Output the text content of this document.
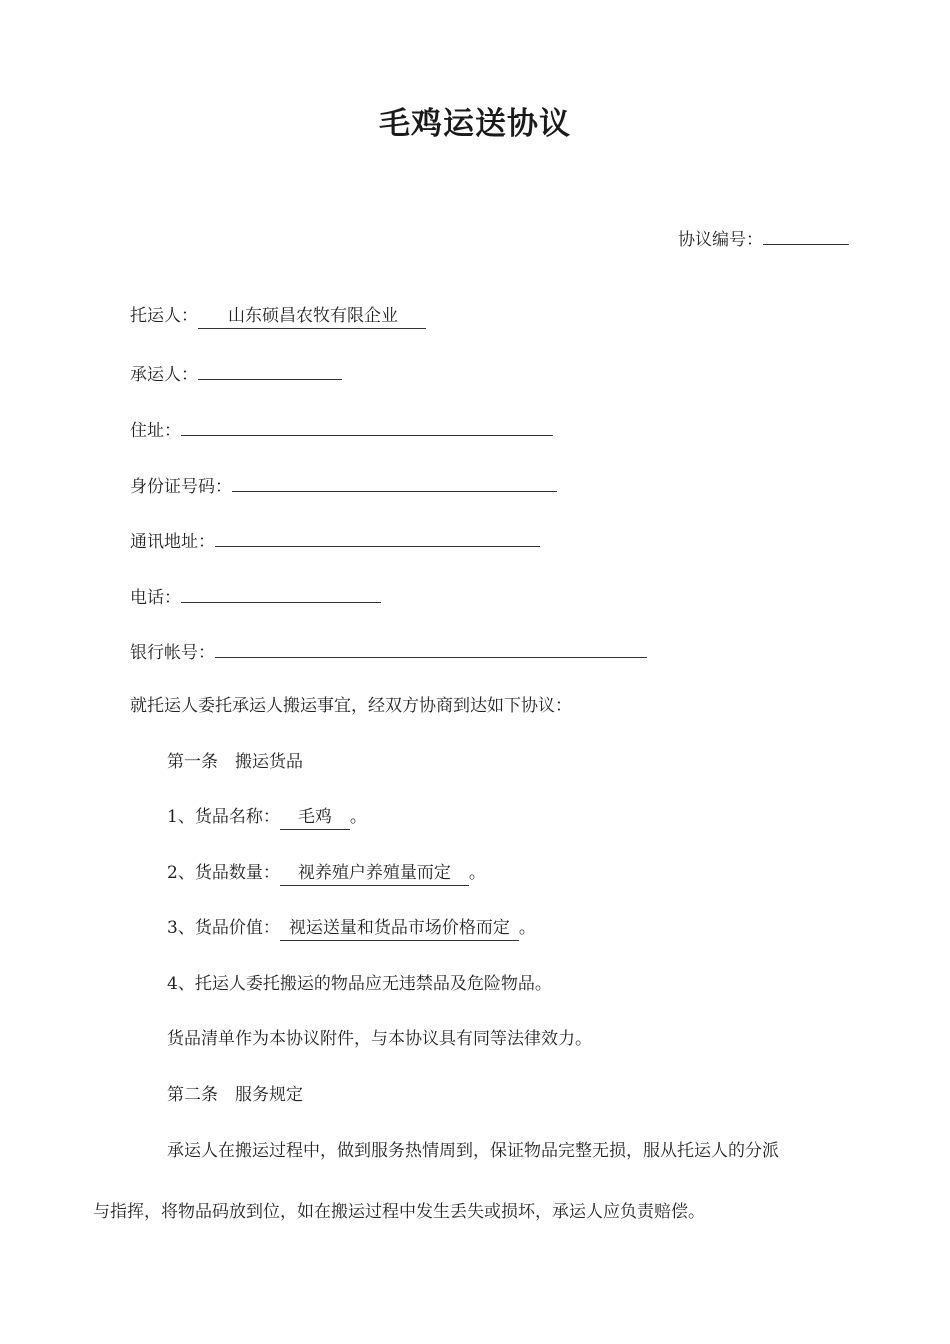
毛鸡运送协议
协议编号：
托运人： 山东硕昌农牧有限企业
承运人：
住址：
身份证号码：
通讯地址：
电话：
银行帐号：
就托运人委托承运人搬运事宜，经双方协商到达如下协议：
第一条　搬运货品
1、货品名称： 毛鸡 。
2、货品数量： 视养殖户养殖量而定 。
3、货品价值： 视运送量和货品市场价格而定 。
4、托运人委托搬运的物品应无违禁品及危险物品。
货品清单作为本协议附件，与本协议具有同等法律效力。
第二条　服务规定
承运人在搬运过程中，做到服务热情周到，保证物品完整无损，服从托运人的分派
与指挥，将物品码放到位，如在搬运过程中发生丢失或损坏，承运人应负责赔偿。
